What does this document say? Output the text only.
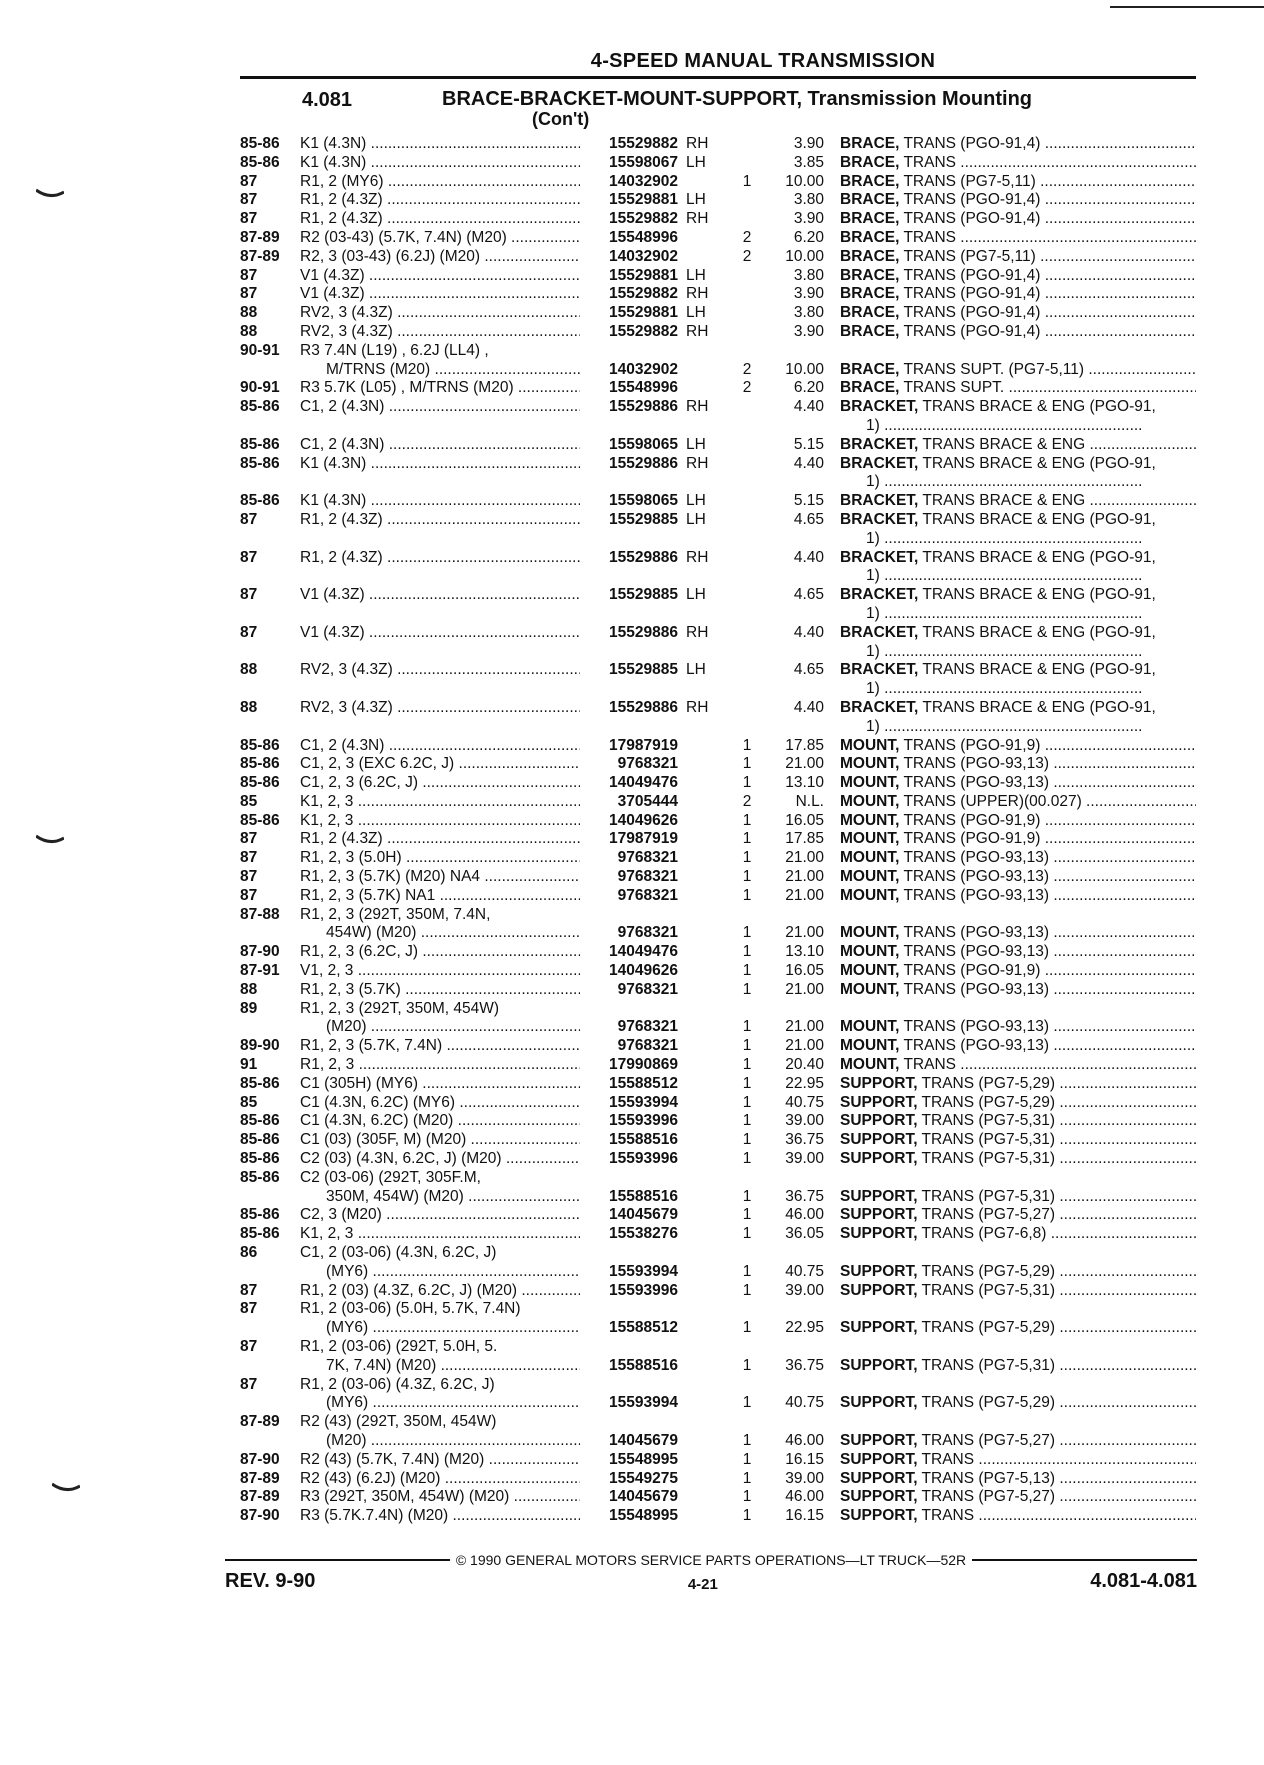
4-SPEED MANUAL TRANSMISSION
4.081	BRACE-BRACKET-MOUNT-SUPPORT, Transmission Mounting
(Con't)
85-86	K1 (4.3N) .....	15529882 RH	3.90 BRACE, TRANS (PGO-91,4) .....
85-86	K1 (4.3N) .....	15598067 LH	3.85 BRACE, TRANS .....
87	R1, 2 (MY6) .....	14032902	1	10.00 BRACE, TRANS (PG7-5,11) .....
87	R1, 2 (4.3Z) .....	15529881 LH	3.80 BRACE, TRANS (PGO-91,4) .....
87	R1, 2 (4.3Z) .....	15529882 RH	3.90 BRACE, TRANS (PGO-91,4) .....
87-89	R2 (03-43) (5.7K, 7.4N) (M20) .....	15548996	2	6.20 BRACE, TRANS .....
87-89	R2, 3 (03-43) (6.2J) (M20) .....	14032902	2	10.00 BRACE, TRANS (PG7-5,11) .....
87	V1 (4.3Z) .....	15529881 LH	3.80 BRACE, TRANS (PGO-91,4) .....
87	V1 (4.3Z) .....	15529882 RH	3.90 BRACE, TRANS (PGO-91,4) .....
88	RV2, 3 (4.3Z) .....	15529881 LH	3.80 BRACE, TRANS (PGO-91,4) .....
88	RV2, 3 (4.3Z) .....	15529882 RH	3.90 BRACE, TRANS (PGO-91,4) .....
90-91	R3 7.4N (L19) , 6.2J (LL4) ,
M/TRNS (M20) .....	14032902	2	10.00 BRACE, TRANS SUPT. (PG7-5,11) .....
90-91	R3 5.7K (L05) , M/TRNS (M20) .....	15548996	2	6.20 BRACE, TRANS SUPT. .....
85-86	C1, 2 (4.3N) .....	15529886 RH	4.40 BRACKET, TRANS BRACE & ENG (PGO-91,
1) .....
85-86	C1, 2 (4.3N) .....	15598065 LH	5.15 BRACKET, TRANS BRACE & ENG .....
85-86	K1 (4.3N) .....	15529886 RH	4.40 BRACKET, TRANS BRACE & ENG (PGO-91,
1) .....
85-86	K1 (4.3N) .....	15598065 LH	5.15 BRACKET, TRANS BRACE & ENG .....
87	R1, 2 (4.3Z) .....	15529885 LH	4.65 BRACKET, TRANS BRACE & ENG (PGO-91,
1) .....
87	R1, 2 (4.3Z) .....	15529886 RH	4.40 BRACKET, TRANS BRACE & ENG (PGO-91,
1) .....
87	V1 (4.3Z) .....	15529885 LH	4.65 BRACKET, TRANS BRACE & ENG (PGO-91,
1) .....
87	V1 (4.3Z) .....	15529886 RH	4.40 BRACKET, TRANS BRACE & ENG (PGO-91,
1) .....
88	RV2, 3 (4.3Z) .....	15529885 LH	4.65 BRACKET, TRANS BRACE & ENG (PGO-91,
1) .....
88	RV2, 3 (4.3Z) .....	15529886 RH	4.40 BRACKET, TRANS BRACE & ENG (PGO-91,
1) .....
85-86	C1, 2 (4.3N) .....	17987919	1	17.85 MOUNT, TRANS (PGO-91,9) .....
85-86	C1, 2, 3 (EXC 6.2C, J) .....	9768321	1	21.00 MOUNT, TRANS (PGO-93,13) .....
85-86	C1, 2, 3 (6.2C, J) .....	14049476	1	13.10 MOUNT, TRANS (PGO-93,13) .....
85	K1, 2, 3 .....	3705444	2	N.L. MOUNT, TRANS (UPPER)(00.027) .....
85-86	K1, 2, 3 .....	14049626	1	16.05 MOUNT, TRANS (PGO-91,9) .....
87	R1, 2 (4.3Z) .....	17987919	1	17.85 MOUNT, TRANS (PGO-91,9) .....
87	R1, 2, 3 (5.0H) .....	9768321	1	21.00 MOUNT, TRANS (PGO-93,13) .....
87	R1, 2, 3 (5.7K) (M20) NA4 .....	9768321	1	21.00 MOUNT, TRANS (PGO-93,13) .....
87	R1, 2, 3 (5.7K) NA1 .....	9768321	1	21.00 MOUNT, TRANS (PGO-93,13) .....
87-88	R1, 2, 3 (292T, 350M, 7.4N,
454W) (M20) .....	9768321	1	21.00 MOUNT, TRANS (PGO-93,13) .....
87-90	R1, 2, 3 (6.2C, J) .....	14049476	1	13.10 MOUNT, TRANS (PGO-93,13) .....
87-91	V1, 2, 3 .....	14049626	1	16.05 MOUNT, TRANS (PGO-91,9) .....
88	R1, 2, 3 (5.7K) .....	9768321	1	21.00 MOUNT, TRANS (PGO-93,13) .....
89	R1, 2, 3 (292T, 350M, 454W)
(M20) .....	9768321	1	21.00 MOUNT, TRANS (PGO-93,13) .....
89-90	R1, 2, 3 (5.7K, 7.4N) .....	9768321	1	21.00 MOUNT, TRANS (PGO-93,13) .....
91	R1, 2, 3 .....	17990869	1	20.40 MOUNT, TRANS .....
85-86	C1 (305H) (MY6) .....	15588512	1	22.95 SUPPORT, TRANS (PG7-5,29) .....
85	C1 (4.3N, 6.2C) (MY6) .....	15593994	1	40.75 SUPPORT, TRANS (PG7-5,29) .....
85-86	C1 (4.3N, 6.2C) (M20) .....	15593996	1	39.00 SUPPORT, TRANS (PG7-5,31) .....
85-86	C1 (03) (305F, M) (M20) .....	15588516	1	36.75 SUPPORT, TRANS (PG7-5,31) .....
85-86	C2 (03) (4.3N, 6.2C, J) (M20) .....	15593996	1	39.00 SUPPORT, TRANS (PG7-5,31) .....
85-86	C2 (03-06) (292T, 305F.M,
350M, 454W) (M20) .....	15588516	1	36.75 SUPPORT, TRANS (PG7-5,31) .....
85-86	C2, 3 (M20) .....	14045679	1	46.00 SUPPORT, TRANS (PG7-5,27) .....
85-86	K1, 2, 3 .....	15538276	1	36.05 SUPPORT, TRANS (PG7-6,8) .....
86	C1, 2 (03-06) (4.3N, 6.2C, J)
(MY6) .....	15593994	1	40.75 SUPPORT, TRANS (PG7-5,29) .....
87	R1, 2 (03) (4.3Z, 6.2C, J) (M20) .....	15593996	1	39.00 SUPPORT, TRANS (PG7-5,31) .....
87	R1, 2 (03-06) (5.0H, 5.7K, 7.4N)
(MY6) .....	15588512	1	22.95 SUPPORT, TRANS (PG7-5,29) .....
87	R1, 2 (03-06) (292T, 5.0H, 5.
7K, 7.4N) (M20) .....	15588516	1	36.75 SUPPORT, TRANS (PG7-5,31) .....
87	R1, 2 (03-06) (4.3Z, 6.2C, J)
(MY6) .....	15593994	1	40.75 SUPPORT, TRANS (PG7-5,29) .....
87-89	R2 (43) (292T, 350M, 454W)
(M20) .....	14045679	1	46.00 SUPPORT, TRANS (PG7-5,27) .....
87-90	R2 (43) (5.7K, 7.4N) (M20) .....	15548995	1	16.15 SUPPORT, TRANS .....
87-89	R2 (43) (6.2J) (M20) .....	15549275	1	39.00 SUPPORT, TRANS (PG7-5,13) .....
87-89	R3 (292T, 350M, 454W) (M20) .....	14045679	1	46.00 SUPPORT, TRANS (PG7-5,27) .....
87-90	R3 (5.7K.7.4N) (M20) .....	15548995	1	16.15 SUPPORT, TRANS .....
© 1990 GENERAL MOTORS SERVICE PARTS OPERATIONS—LT TRUCK—52R
REV. 9-90	4-21	4.081-4.081
